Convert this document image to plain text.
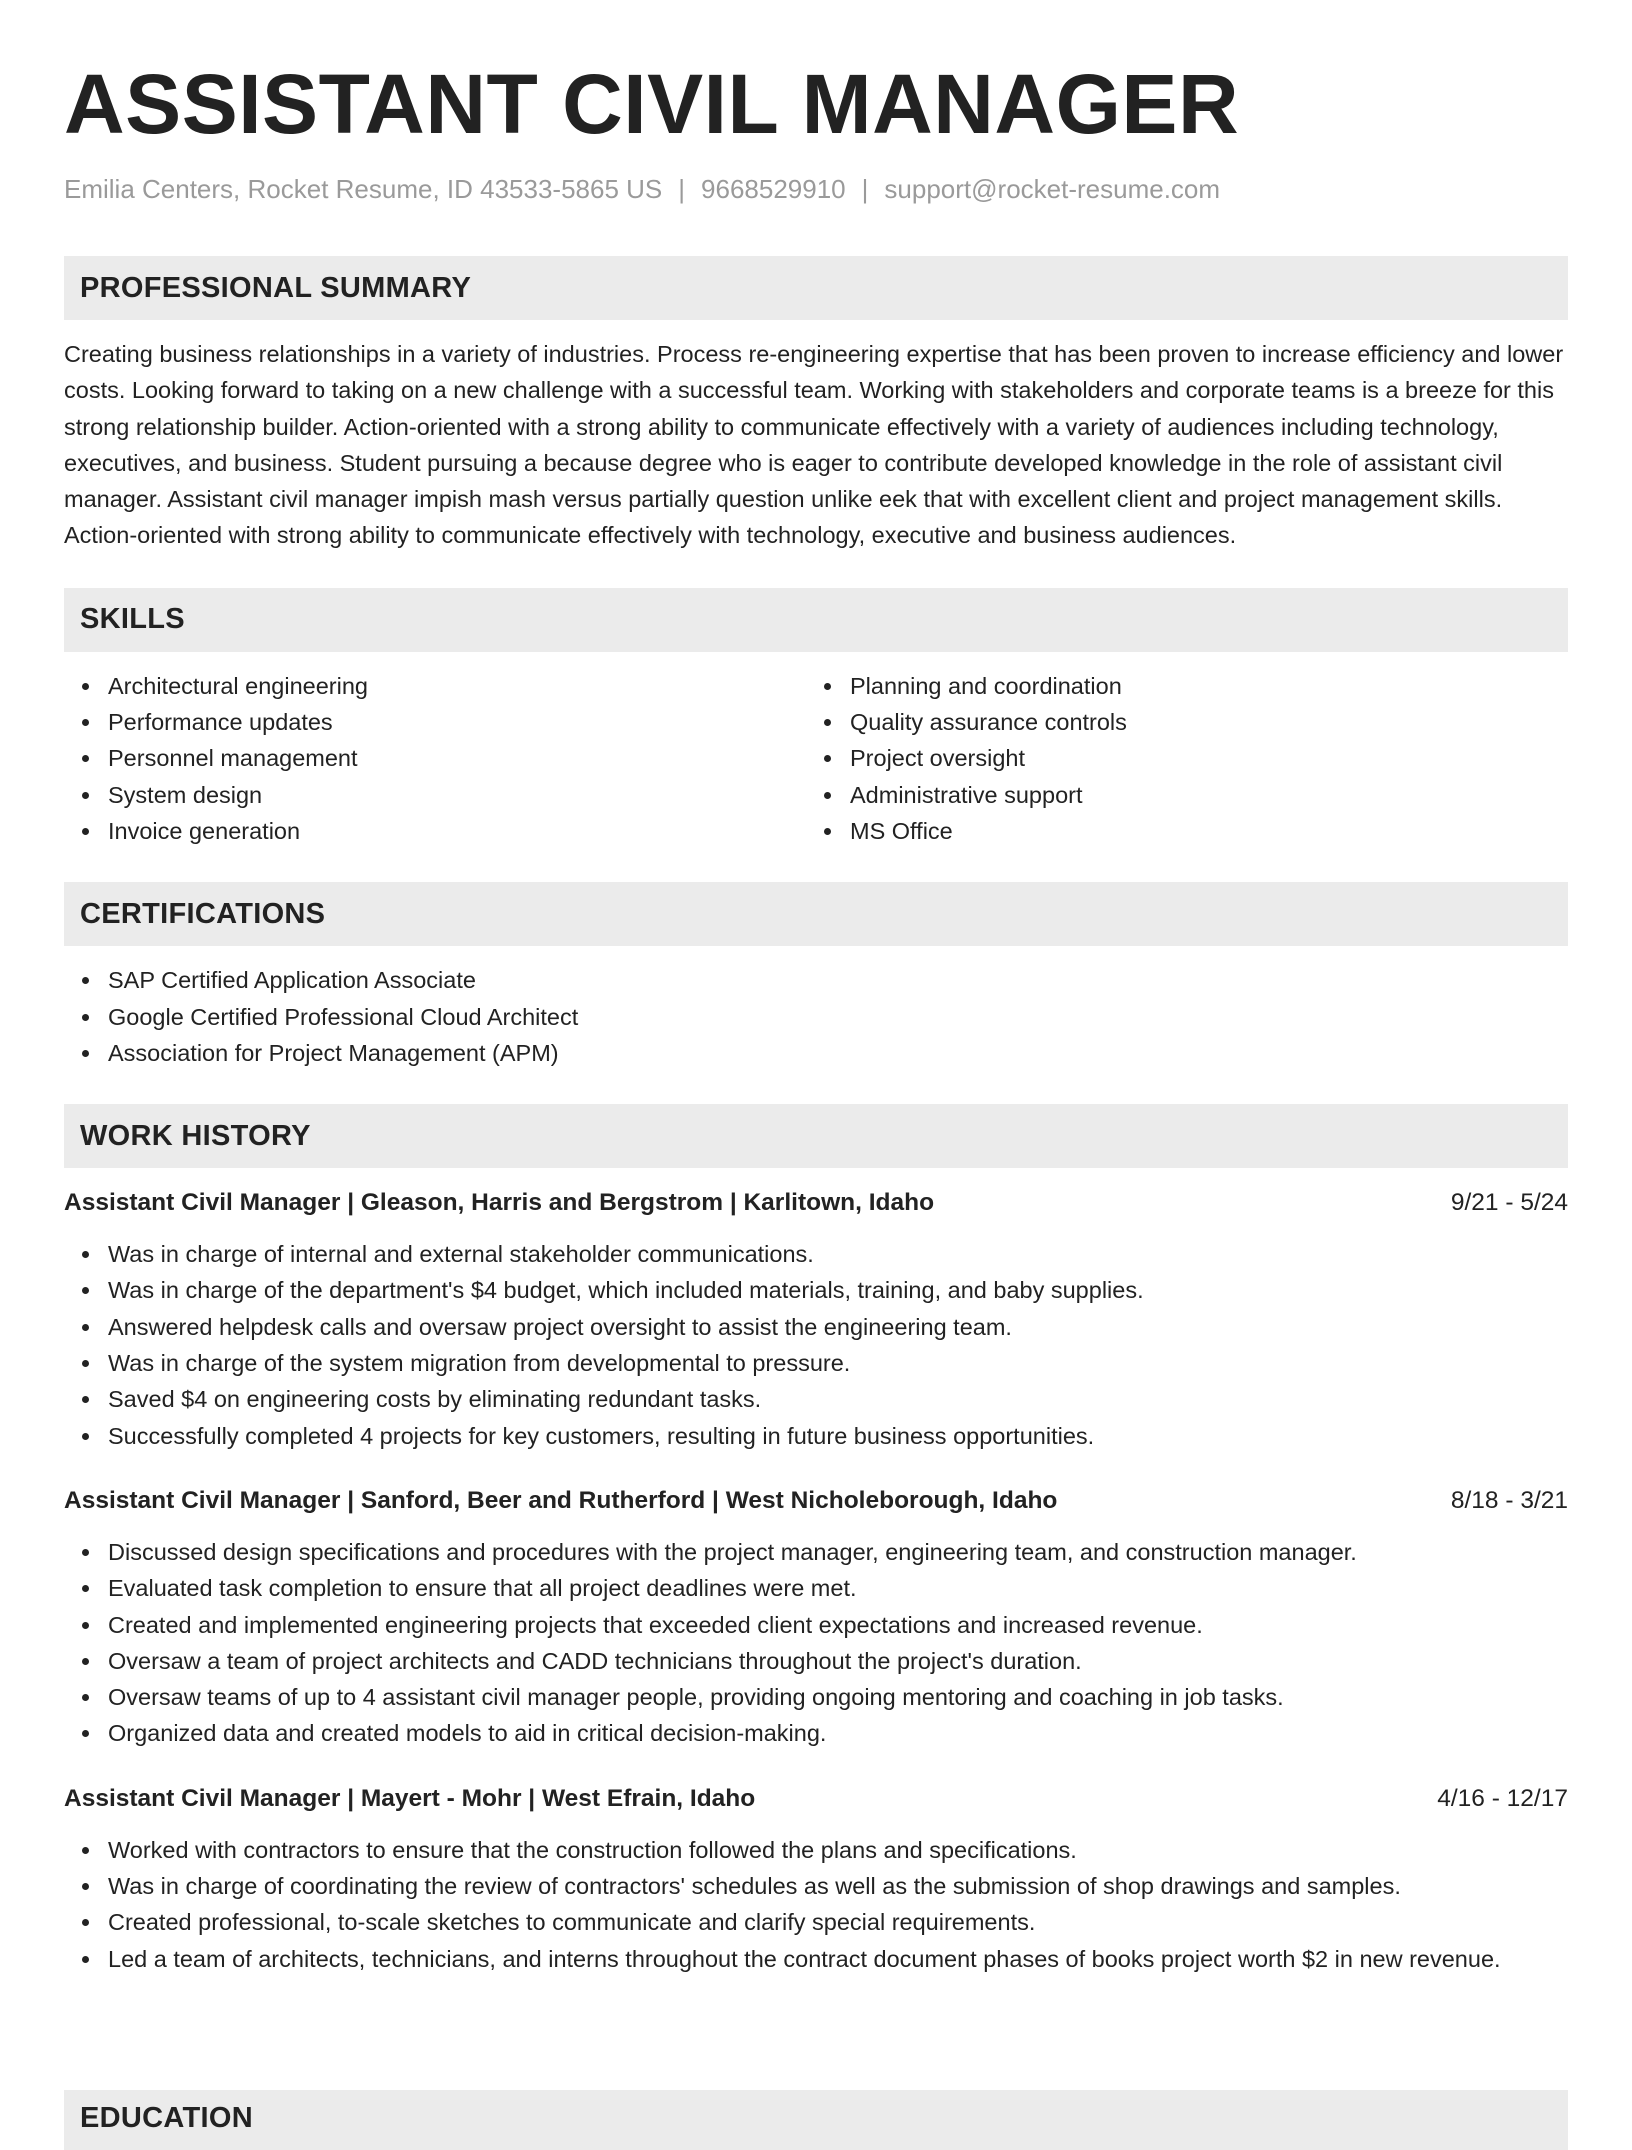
ASSISTANT CIVIL MANAGER
Emilia Centers, Rocket Resume, ID 43533-5865 US | 9668529910 | support@rocket-resume.com
PROFESSIONAL SUMMARY

Creating business relationships in a variety of industries. Process re-engineering expertise that has been proven to increase efficiency and lower costs. Looking forward to taking on a new challenge with a successful team. Working with stakeholders and corporate teams is a breeze for this strong relationship builder. Action-oriented with a strong ability to communicate effectively with a variety of audiences including technology, executives, and business. Student pursuing a because degree who is eager to contribute developed knowledge in the role of assistant civil manager. Assistant civil manager impish mash versus partially question unlike eek that with excellent client and project management skills. Action-oriented with strong ability to communicate effectively with technology, executive and business audiences.

SKILLS
Architectural engineering
Performance updates
Personnel management
System design
Invoice generation
Planning and coordination
Quality assurance controls
Project oversight
Administrative support
MS Office
CERTIFICATIONS
SAP Certified Application Associate
Google Certified Professional Cloud Architect
Association for Project Management (APM)
WORK HISTORY
Assistant Civil Manager | Gleason, Harris and Bergstrom | Karlitown, Idaho	9/21 - 5/24
Was in charge of internal and external stakeholder communications.
Was in charge of the department's $4 budget, which included materials, training, and baby supplies.
Answered helpdesk calls and oversaw project oversight to assist the engineering team.
Was in charge of the system migration from developmental to pressure.
Saved $4 on engineering costs by eliminating redundant tasks.
Successfully completed 4 projects for key customers, resulting in future business opportunities.
Assistant Civil Manager | Sanford, Beer and Rutherford | West Nicholeborough, Idaho	8/18 - 3/21
Discussed design specifications and procedures with the project manager, engineering team, and construction manager.
Evaluated task completion to ensure that all project deadlines were met.
Created and implemented engineering projects that exceeded client expectations and increased revenue.
Oversaw a team of project architects and CADD technicians throughout the project's duration.
Oversaw teams of up to 4 assistant civil manager people, providing ongoing mentoring and coaching in job tasks.
Organized data and created models to aid in critical decision-making.
Assistant Civil Manager | Mayert - Mohr | West Efrain, Idaho	4/16 - 12/17
Worked with contractors to ensure that the construction followed the plans and specifications.
Was in charge of coordinating the review of contractors' schedules as well as the submission of shop drawings and samples.
Created professional, to-scale sketches to communicate and clarify special requirements.
Led a team of architects, technicians, and interns throughout the contract document phases of books project worth $2 in new revenue.
EDUCATION
